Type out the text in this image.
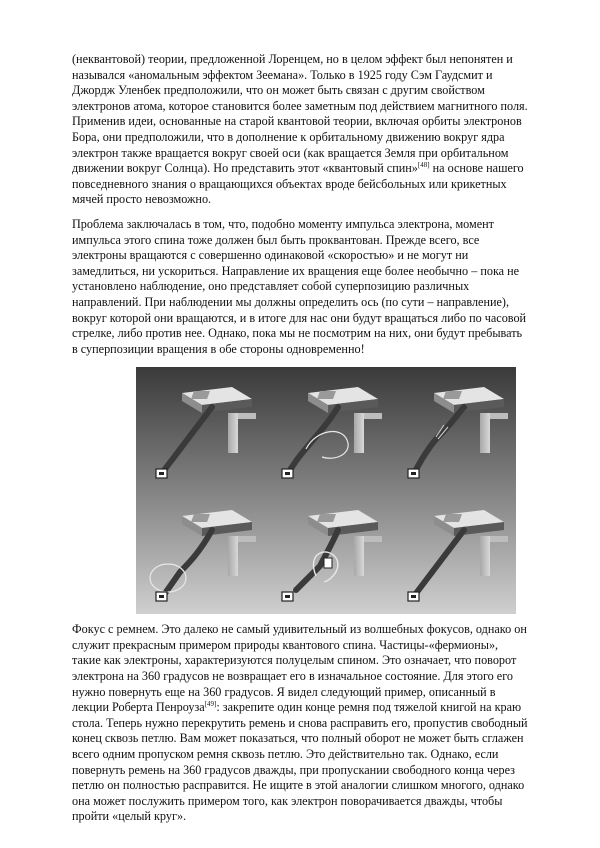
(неквантовой) теории, предложенной Лоренцем, но в целом эффект был непонятен и называлcя «аномальным эффектом Зеемана». Только в 1925 году Сэм Гаудсмит и Джордж Уленбек предположили, что он может быть связан с другим свойством электронов атома, которое становится более заметным под действием магнитного поля. Применив идеи, основанные на старой квантовой теории, включая орбиты электронов Бора, они предположили, что в дополнение к орбитальному движению вокруг ядра электрон также вращается вокруг своей оси (как вращается Земля при орбитальном движении вокруг Солнца). Но представить этот «квантовый спин»[48] на основе нашего повседневного знания о вращающихся объектах вроде бейсбольных или крикетных мячей просто невозможно.

Проблема заключалась в том, что, подобно моменту импульса электрона, момент импульса этого спина тоже должен был быть проквантован. Прежде всего, все электроны вращаются с совершенно одинаковой «скоростью» и не могут ни замедлиться, ни ускориться. Направление их вращения еще более необычно – пока не установлено наблюдение, оно представляет собой суперпозицию различных направлений. При наблюдении мы должны определить ось (по сути – направление), вокруг которой они вращаются, и в итоге для нас они будут вращаться либо по часовой стрелке, либо против нее. Однако, пока мы не посмотрим на них, они будут пребывать в суперпозиции вращения в обе стороны одновременно!

Фокус с ремнем. Это далеко не самый удивительный из волшебных фокусов, однако он служит прекрасным примером природы квантового спина. Частицы-«фермионы», такие как электроны, характеризуются полуцелым спином. Это означает, что поворот электрона на 360 градусов не возвращает его в изначальное состояние. Для этого его нужно повернуть еще на 360 градусов. Я видел следующий пример, описанный в лекции Роберта Пенроуза[49]: закрепите один конце ремня под тяжелой книгой на краю стола. Теперь нужно перекрутить ремень и снова расправить его, пропустив свободный конец сквозь петлю. Вам может показаться, что полный оборот не может быть сглажен всего одним пропуском ремня сквозь петлю. Это действительно так. Однако, если повернуть ремень на 360 градусов дважды, при пропускании свободного конца через петлю он полностью расправится. Не ищите в этой аналогии слишком многого, однако она может послужить примером того, как электрон поворачивается дважды, чтобы пройти «целый круг».
